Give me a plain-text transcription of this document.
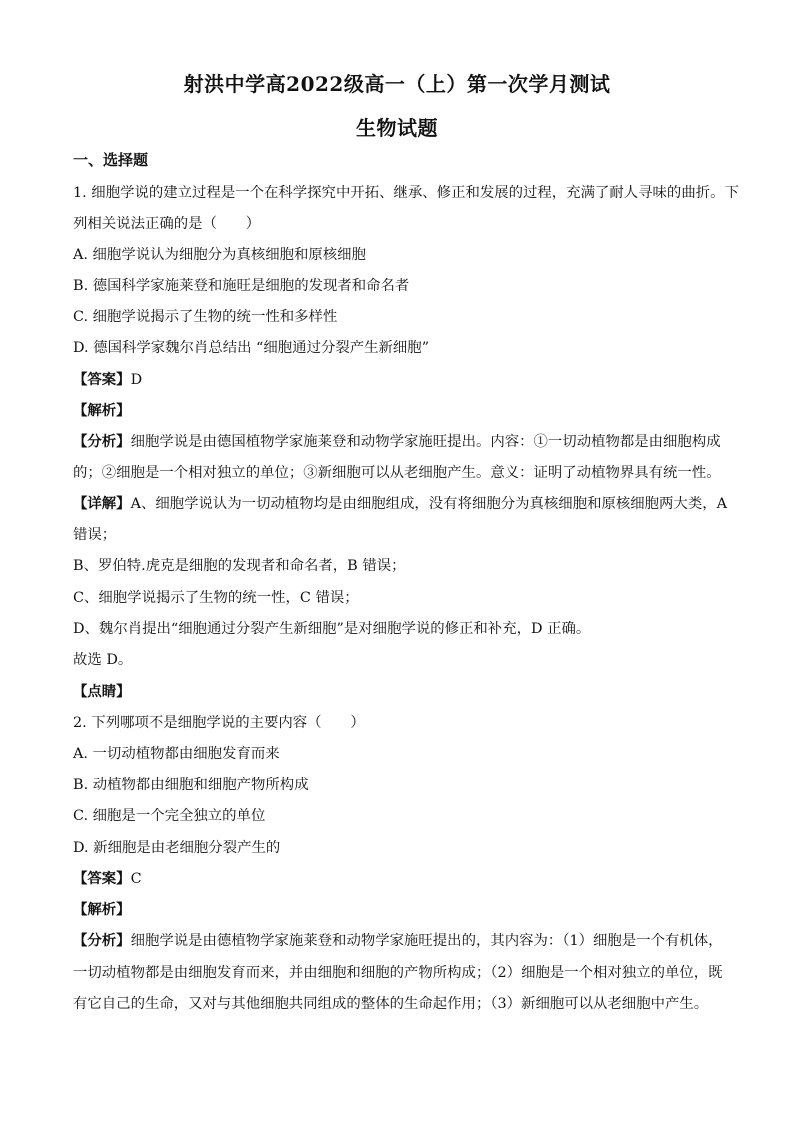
射洪中学高2022级高一（上）第一次学月测试
生物试题
一、选择题
1. 细胞学说的建立过程是一个在科学探究中开拓、继承、修正和发展的过程，充满了耐人寻味的曲折。下
列相关说法正确的是（　　）
A. 细胞学说认为细胞分为真核细胞和原核细胞
B. 德国科学家施莱登和施旺是细胞的发现者和命名者
C. 细胞学说揭示了生物的统一性和多样性
D. 德国科学家魏尔肖总结出 “细胞通过分裂产生新细胞”
【答案】D
【解析】
【分析】细胞学说是由德国植物学家施莱登和动物学家施旺提出。内容：①一切动植物都是由细胞构成
的；②细胞是一个相对独立的单位；③新细胞可以从老细胞产生。意义：证明了动植物界具有统一性。
【详解】A、细胞学说认为一切动植物均是由细胞组成，没有将细胞分为真核细胞和原核细胞两大类，A
错误；
B、罗伯特.虎克是细胞的发现者和命名者，B 错误；
C、细胞学说揭示了生物的统一性，C 错误；
D、魏尔肖提出“细胞通过分裂产生新细胞”是对细胞学说的修正和补充，D 正确。
故选 D。
【点睛】
2. 下列哪项不是细胞学说的主要内容（　　）
A. 一切动植物都由细胞发育而来
B. 动植物都由细胞和细胞产物所构成
C. 细胞是一个完全独立的单位
D. 新细胞是由老细胞分裂产生的
【答案】C
【解析】
【分析】细胞学说是由德植物学家施莱登和动物学家施旺提出的，其内容为：（1）细胞是一个有机体，
一切动植物都是由细胞发育而来，并由细胞和细胞的产物所构成；（2）细胞是一个相对独立的单位，既
有它自己的生命，又对与其他细胞共同组成的整体的生命起作用；（3）新细胞可以从老细胞中产生。
